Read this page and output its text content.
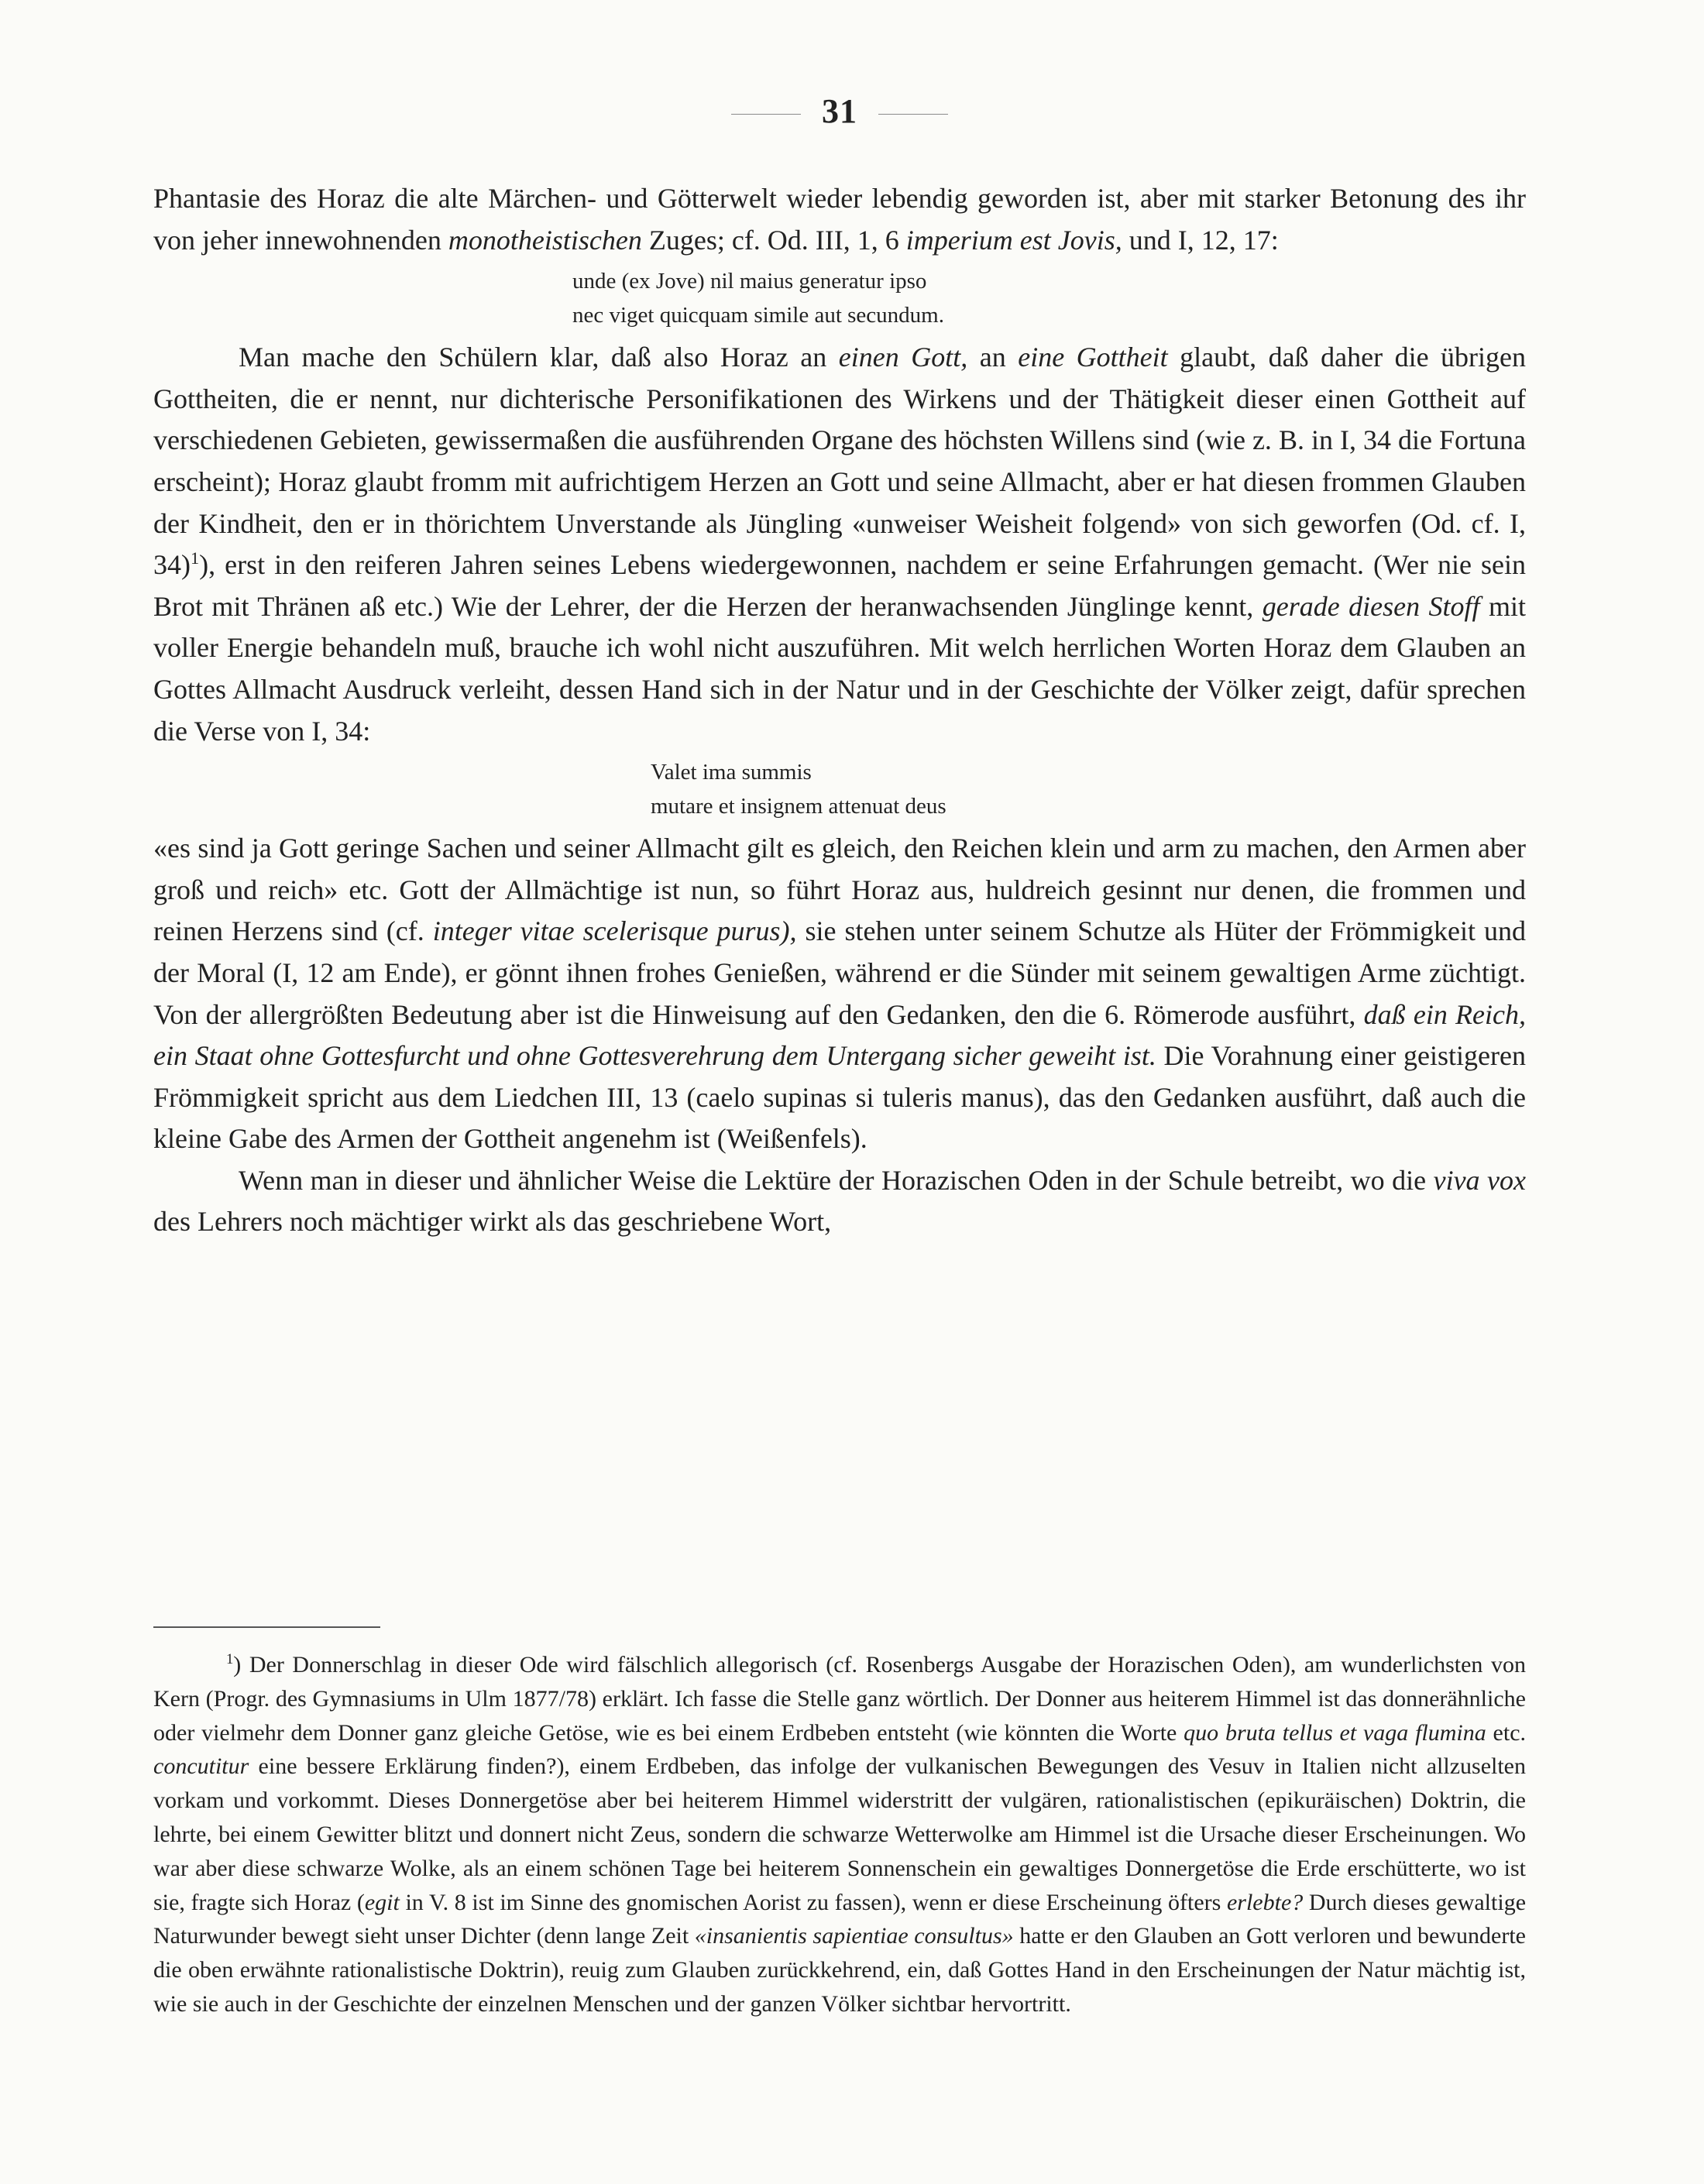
31

Phantasie des Horaz die alte Märchen- und Götterwelt wieder lebendig geworden ist, aber mit starker Betonung des ihr von jeher innewohnenden monotheistischen Zuges; cf. Od. III, 1, 6 imperium est Jovis, und I, 12, 17:

unde (ex Jove) nil maius generatur ipso
nec viget quicquam simile aut secundum.

Man mache den Schülern klar, daß also Horaz an einen Gott, an eine Gottheit glaubt, daß daher die übrigen Gottheiten, die er nennt, nur dichterische Personifikationen des Wirkens und der Thätigkeit dieser einen Gottheit auf verschiedenen Gebieten, gewissermaßen die ausführenden Organe des höchsten Willens sind (wie z. B. in I, 34 die Fortuna erscheint); Horaz glaubt fromm mit aufrichtigem Herzen an Gott und seine Allmacht, aber er hat diesen frommen Glauben der Kindheit, den er in thörichtem Unverstande als Jüngling «unweiser Weisheit folgend» von sich geworfen (Od. cf. I, 34)$^1$), erst in den reiferen Jahren seines Lebens wiedergewonnen, nachdem er seine Erfahrungen gemacht. (Wer nie sein Brot mit Thränen aß etc.) Wie der Lehrer, der die Herzen der heranwachsenden Jünglinge kennt, gerade diesen Stoff mit voller Energie behandeln muß, brauche ich wohl nicht auszuführen. Mit welch herrlichen Worten Horaz dem Glauben an Gottes Allmacht Ausdruck verleiht, dessen Hand sich in der Natur und in der Geschichte der Völker zeigt, dafür sprechen die Verse von I, 34:

Valet ima summis
mutare et insignem attenuat deus

«es sind ja Gott geringe Sachen und seiner Allmacht gilt es gleich, den Reichen klein und arm zu machen, den Armen aber groß und reich» etc. Gott der Allmächtige ist nun, so führt Horaz aus, huldreich gesinnt nur denen, die frommen und reinen Herzens sind (cf. integer vitae scelerisque purus), sie stehen unter seinem Schutze als Hüter der Frömmigkeit und der Moral (I, 12 am Ende), er gönnt ihnen frohes Genießen, während er die Sünder mit seinem gewaltigen Arme züchtigt. Von der allergrößten Bedeutung aber ist die Hinweisung auf den Gedanken, den die 6. Römerode ausführt, daß ein Reich, ein Staat ohne Gottesfurcht und ohne Gottesverehrung dem Untergang sicher geweiht ist. Die Vorahnung einer geistigeren Frömmigkeit spricht aus dem Liedchen III, 13 (caelo supinas si tuleris manus), das den Gedanken ausführt, daß auch die kleine Gabe des Armen der Gottheit angenehm ist (Weißenfels).

Wenn man in dieser und ähnlicher Weise die Lektüre der Horazischen Oden in der Schule betreibt, wo die viva vox des Lehrers noch mächtiger wirkt als das geschriebene Wort,

$^1$) Der Donnerschlag in dieser Ode wird fälschlich allegorisch (cf. Rosenbergs Ausgabe der Horazischen Oden), am wunderlichsten von Kern (Progr. des Gymnasiums in Ulm 1877/78) erklärt. Ich fasse die Stelle ganz wörtlich. Der Donner aus heiterem Himmel ist das donnerähnliche oder vielmehr dem Donner ganz gleiche Getöse, wie es bei einem Erdbeben entsteht (wie könnten die Worte quo bruta tellus et vaga flumina etc. concutitur eine bessere Erklärung finden?), einem Erdbeben, das infolge der vulkanischen Bewegungen des Vesuv in Italien nicht allzuselten vorkam und vorkommt. Dieses Donnergetöse aber bei heiterem Himmel widerstritt der vulgären, rationalistischen (epikuräischen) Doktrin, die lehrte, bei einem Gewitter blitzt und donnert nicht Zeus, sondern die schwarze Wetterwolke am Himmel ist die Ursache dieser Erscheinungen. Wo war aber diese schwarze Wolke, als an einem schönen Tage bei heiterem Sonnenschein ein gewaltiges Donnergetöse die Erde erschütterte, wo ist sie, fragte sich Horaz (egit in V. 8 ist im Sinne des gnomischen Aorist zu fassen), wenn er diese Erscheinung öfters erlebte? Durch dieses gewaltige Naturwunder bewegt sieht unser Dichter (denn lange Zeit «insanientis sapientiae consultus» hatte er den Glauben an Gott verloren und bewunderte die oben erwähnte rationalistische Doktrin), reuig zum Glauben zurückkehrend, ein, daß Gottes Hand in den Erscheinungen der Natur mächtig ist, wie sie auch in der Geschichte der einzelnen Menschen und der ganzen Völker sichtbar hervortritt.
